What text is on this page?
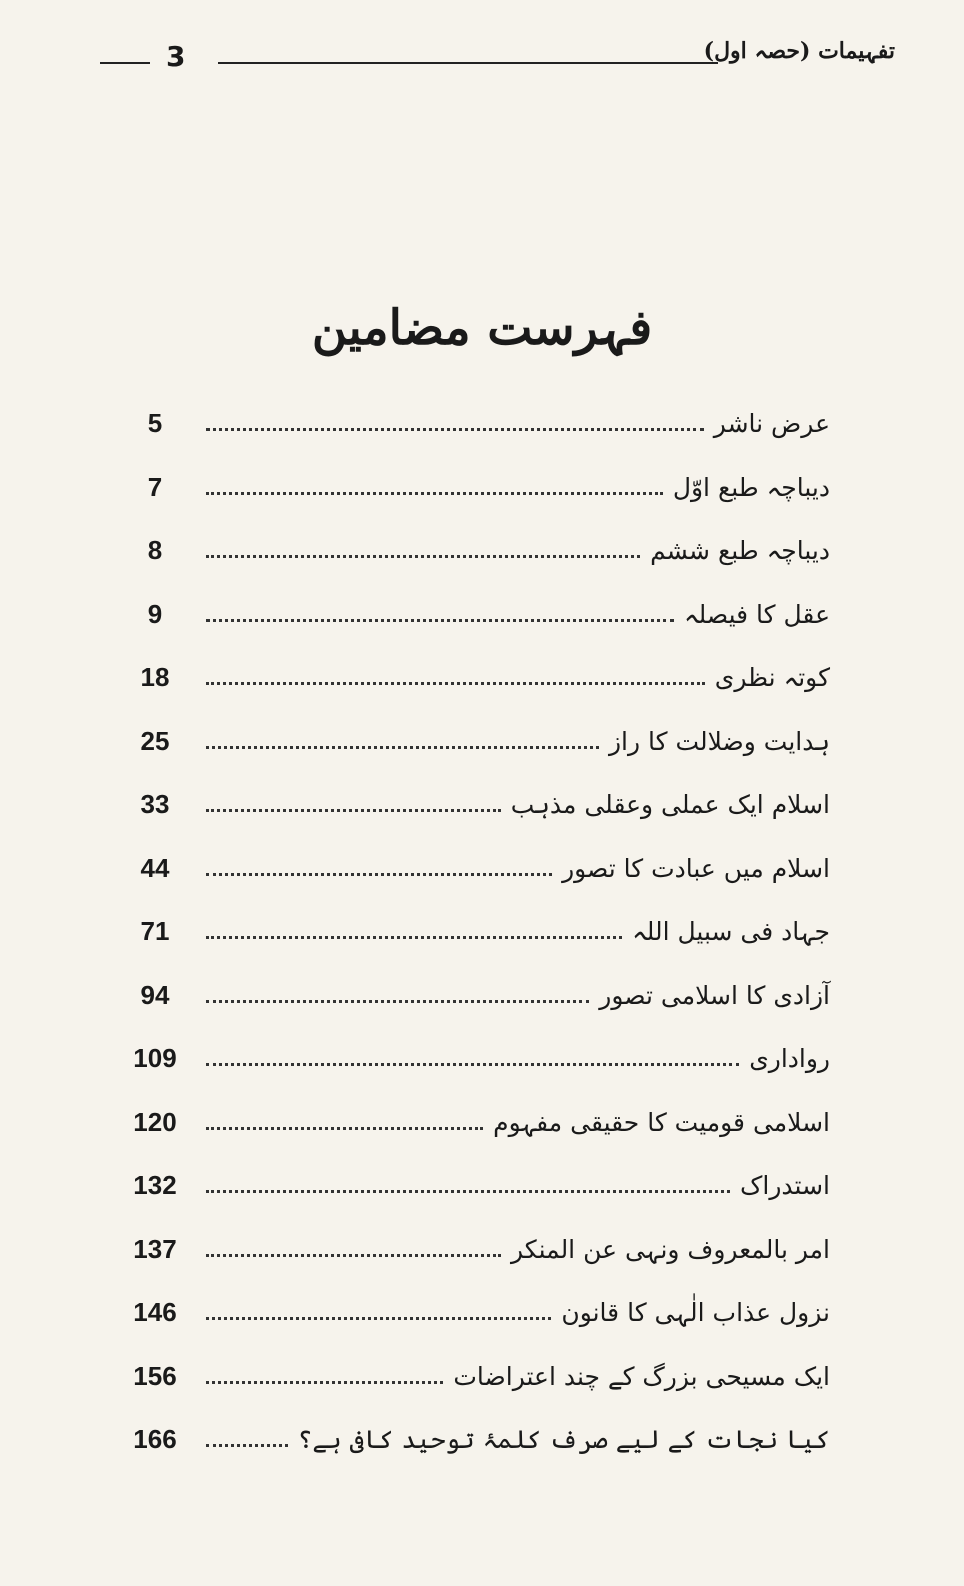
3	تفہیمات (حصہ اول)
فہرست مضامین
5	عرض ناشر
7	دیباچہ طبع اوّل
8	دیباچہ طبع ششم
9	عقل کا فیصلہ
18	کوتہ نظری
25	ہدایت وضلالت کا راز
33	اسلام ایک عملی وعقلی مذہب
44	اسلام میں عبادت کا تصور
71	جہاد فی سبیل اللہ
94	آزادی کا اسلامی تصور
109	رواداری
120	اسلامی قومیت کا حقیقی مفہوم
132	استدراک
137	امر بالمعروف ونہی عن المنکر
146	نزول عذاب الٰہی کا قانون
156	ایک مسیحی بزرگ کے چند اعتراضات
166	کیا نجات کے لیے صرف کلمۂ توحید کافی ہے؟
